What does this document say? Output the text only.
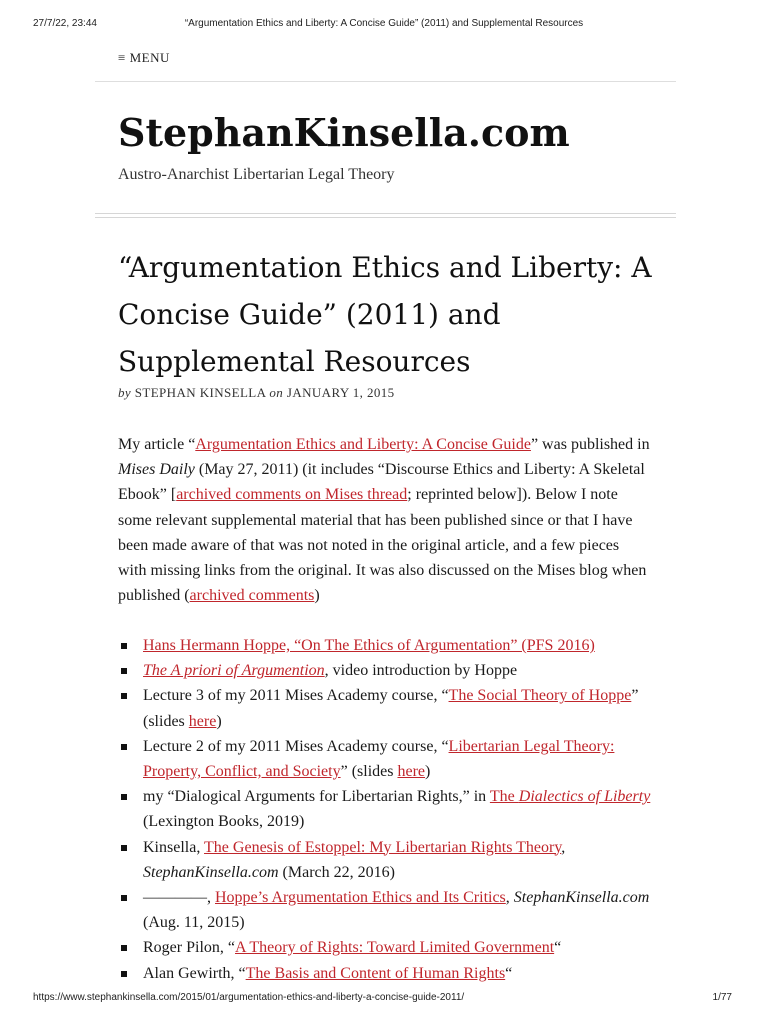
27/7/22, 23:44	“Argumentation Ethics and Liberty: A Concise Guide” (2011) and Supplemental Resources
≡ MENU
StephanKinsella.com
Austro-Anarchist Libertarian Legal Theory
“Argumentation Ethics and Liberty: A Concise Guide” (2011) and Supplemental Resources
by STEPHAN KINSELLA on JANUARY 1, 2015

My article “Argumentation Ethics and Liberty: A Concise Guide” was published in Mises Daily (May 27, 2011) (it includes “Discourse Ethics and Liberty: A Skeletal Ebook” [archived comments on Mises thread; reprinted below]). Below I note some relevant supplemental material that has been published since or that I have been made aware of that was not noted in the original article, and a few pieces with missing links from the original. It was also discussed on the Mises blog when published (archived comments)

Hans Hermann Hoppe, “On The Ethics of Argumentation” (PFS 2016)
The A priori of Argumention, video introduction by Hoppe
Lecture 3 of my 2011 Mises Academy course, “The Social Theory of Hoppe” (slides here)
Lecture 2 of my 2011 Mises Academy course, “Libertarian Legal Theory: Property, Conflict, and Society” (slides here)
my “Dialogical Arguments for Libertarian Rights,” in The Dialectics of Liberty (Lexington Books, 2019)
Kinsella, The Genesis of Estoppel: My Libertarian Rights Theory, StephanKinsella.com (March 22, 2016)
————, Hoppe’s Argumentation Ethics and Its Critics, StephanKinsella.com (Aug. 11, 2015)
Roger Pilon, “A Theory of Rights: Toward Limited Government“
Alan Gewirth, “The Basis and Content of Human Rights“
https://www.stephankinsella.com/2015/01/argumentation-ethics-and-liberty-a-concise-guide-2011/	1/77
